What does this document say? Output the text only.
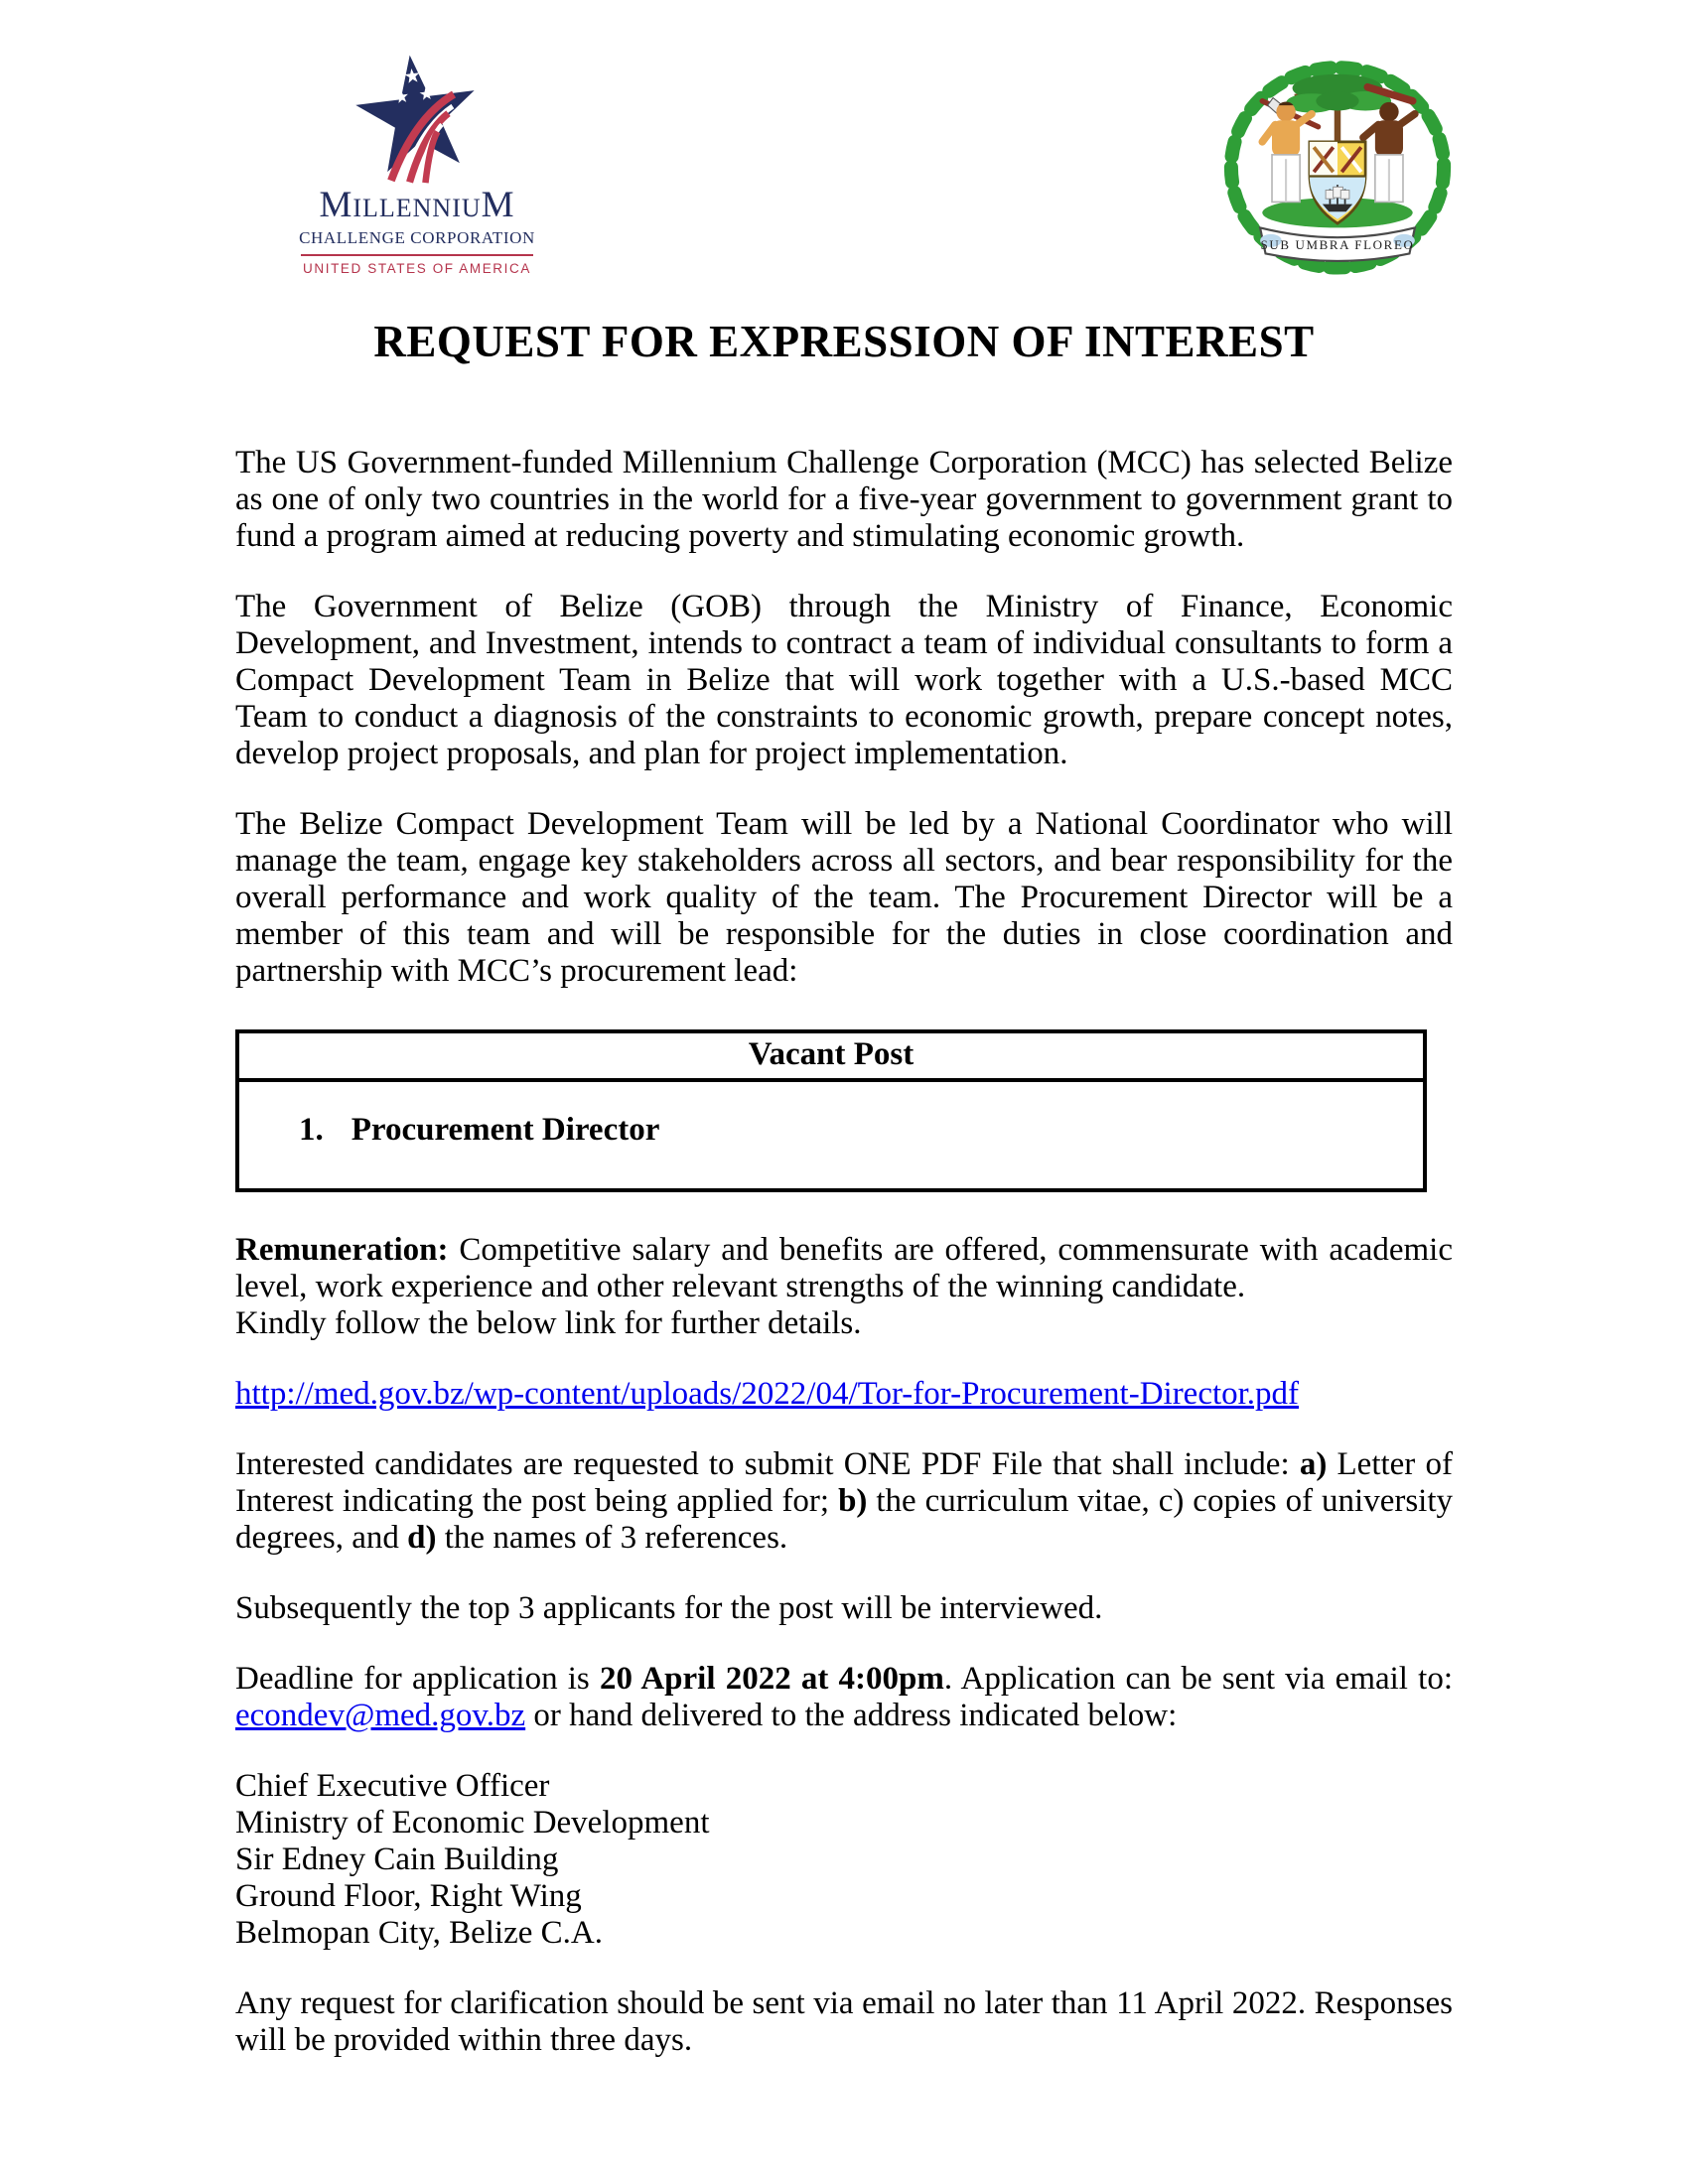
MillenniuM
CHALLENGE CORPORATION
UNITED STATES OF AMERICA
SUB UMBRA FLOREO
REQUEST FOR EXPRESSION OF INTEREST

The US Government-funded Millennium Challenge Corporation (MCC) has selected Belize as one of only two countries in the world for a five-year government to government grant to fund a program aimed at reducing poverty and stimulating economic growth.

The Government of Belize (GOB) through the Ministry of Finance, Economic Development, and Investment, intends to contract a team of individual consultants to form a Compact Development Team in Belize that will work together with a U.S.-based MCC Team to conduct a diagnosis of the constraints to economic growth, prepare concept notes, develop project proposals, and plan for project implementation.

The Belize Compact Development Team will be led by a National Coordinator who will manage the team, engage key stakeholders across all sectors, and bear responsibility for the overall performance and work quality of the team. The Procurement Director will be a member of this team and will be responsible for the duties in close coordination and partnership with MCC’s procurement lead:

Vacant Post
1. Procurement Director

Remuneration: Competitive salary and benefits are offered, commensurate with academic level, work experience and other relevant strengths of the winning candidate.

Kindly follow the below link for further details.

http://med.gov.bz/wp-content/uploads/2022/04/Tor-for-Procurement-Director.pdf

Interested candidates are requested to submit ONE PDF File that shall include: a) Letter of Interest indicating the post being applied for; b) the curriculum vitae, c) copies of university degrees, and d) the names of 3 references.

Subsequently the top 3 applicants for the post will be interviewed.

Deadline for application is 20 April 2022 at 4:00pm. Application can be sent via email to: econdev@med.gov.bz or hand delivered to the address indicated below:

Chief Executive Officer
Ministry of Economic Development
Sir Edney Cain Building
Ground Floor, Right Wing
Belmopan City, Belize C.A.

Any request for clarification should be sent via email no later than 11 April 2022. Responses will be provided within three days.
